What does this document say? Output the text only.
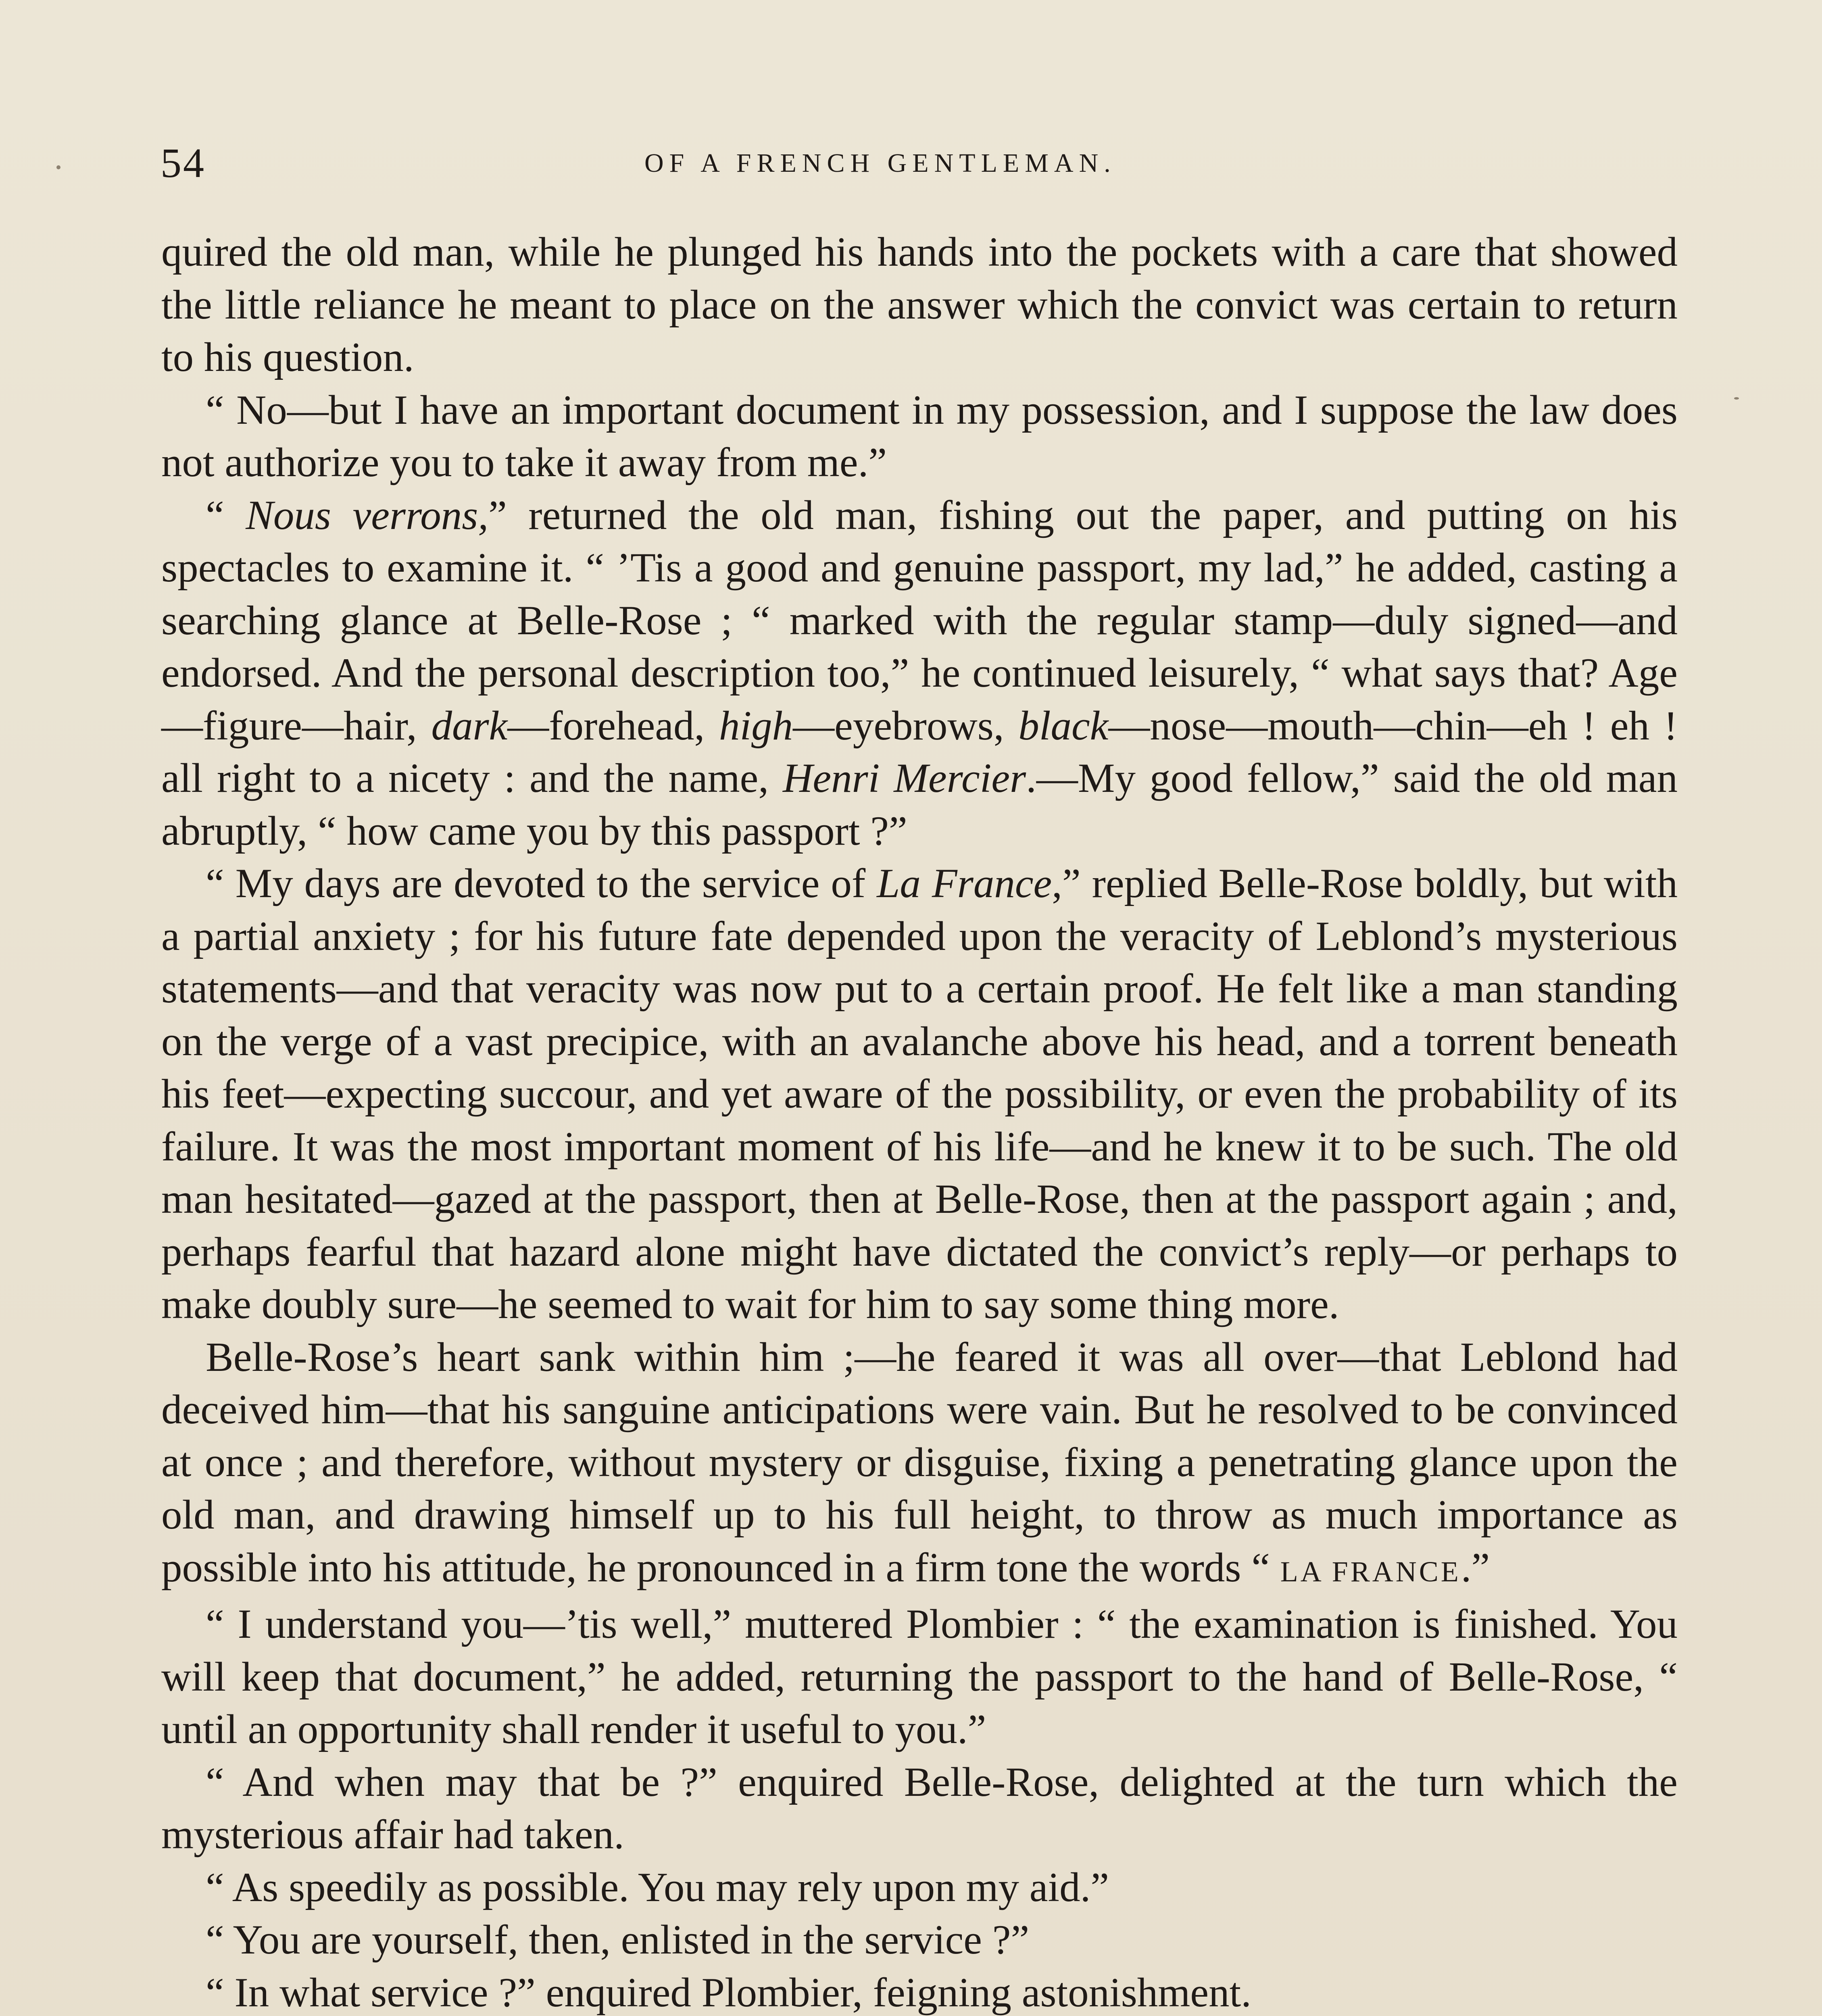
54	OF A FRENCH GENTLEMAN.

quired the old man, while he plunged his hands into the pockets with a care that showed the little reliance he meant to place on the answer which the convict was certain to return to his question.

“ No—but I have an important document in my possession, and I suppose the law does not authorize you to take it away from me.”

“ Nous verrons,” returned the old man, fishing out the paper, and putting on his spectacles to examine it. “ ’Tis a good and genuine passport, my lad,” he added, casting a searching glance at Belle-Rose ; “ marked with the regular stamp—duly signed—and endorsed. And the personal description too,” he continued leisurely, “ what says that? Age—figure—hair, dark—forehead, high—eyebrows, black—nose—mouth—chin—eh ! eh ! all right to a nicety : and the name, Henri Mercier.—My good fellow,” said the old man abruptly, “ how came you by this passport ?”

“ My days are devoted to the service of La France,” replied Belle-Rose boldly, but with a partial anxiety ; for his future fate depended upon the veracity of Leblond’s mysterious statements—and that veracity was now put to a certain proof. He felt like a man standing on the verge of a vast precipice, with an avalanche above his head, and a torrent beneath his feet—expecting succour, and yet aware of the possibility, or even the probability of its failure. It was the most important moment of his life—and he knew it to be such. The old man hesitated—gazed at the passport, then at Belle-Rose, then at the passport again ; and, perhaps fearful that hazard alone might have dictated the convict’s reply—or perhaps to make doubly sure—he seemed to wait for him to say some thing more.

Belle-Rose’s heart sank within him ;—he feared it was all over—that Leblond had deceived him—that his sanguine anticipations were vain. But he resolved to be convinced at once ; and therefore, without mystery or disguise, fixing a penetrating glance upon the old man, and drawing himself up to his full height, to throw as much importance as possible into his attitude, he pronounced in a firm tone the words “ LA FRANCE.”

“ I understand you—’tis well,” muttered Plombier : “ the examination is finished. You will keep that document,” he added, returning the passport to the hand of Belle-Rose, “ until an opportunity shall render it useful to you.”

“ And when may that be ?” enquired Belle-Rose, delighted at the turn which the mysterious affair had taken.

“ As speedily as possible. You may rely upon my aid.”

“ You are yourself, then, enlisted in the service ?”

“ In what service ?” enquired Plombier, feigning astonishment.
